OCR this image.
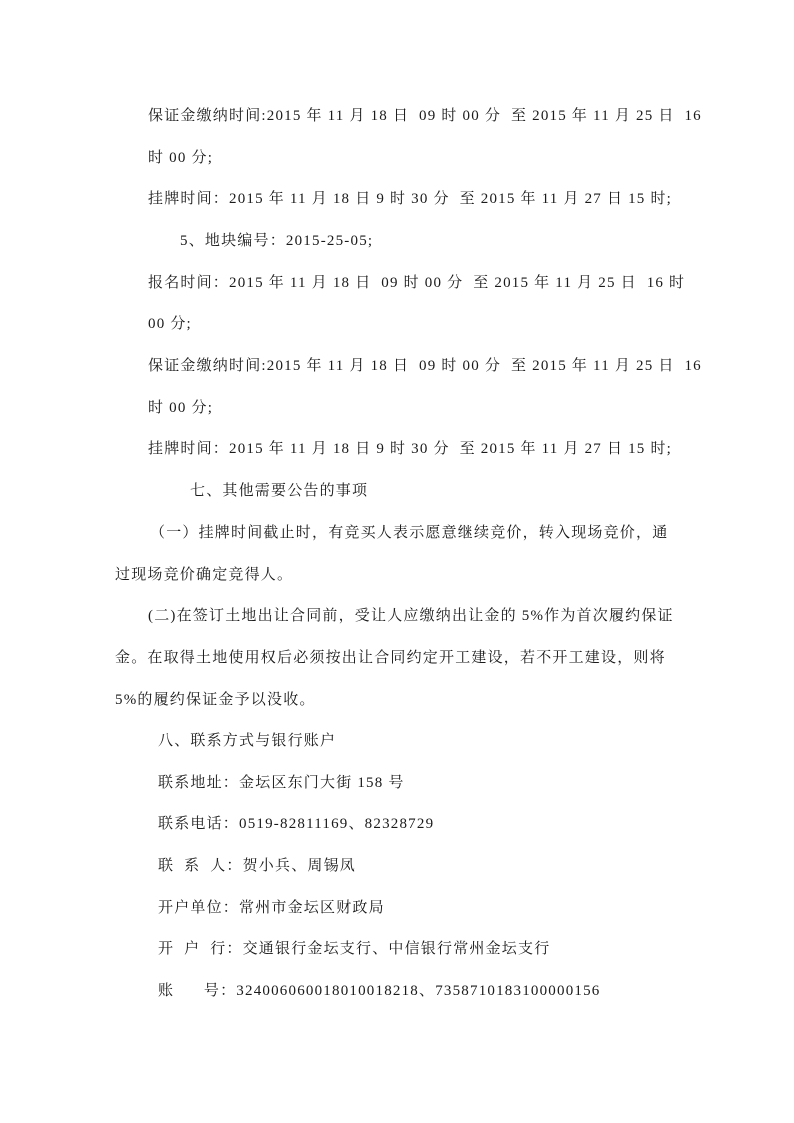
保证金缴纳时间:2015 年 11 月 18 日  09 时 00 分  至 2015 年 11 月 25 日  16
时 00 分;
挂牌时间：2015 年 11 月 18 日 9 时 30 分  至 2015 年 11 月 27 日 15 时;
5、地块编号：2015-25-05;
报名时间：2015 年 11 月 18 日  09 时 00 分  至 2015 年 11 月 25 日  16 时
00 分;
保证金缴纳时间:2015 年 11 月 18 日  09 时 00 分  至 2015 年 11 月 25 日  16
时 00 分;
挂牌时间：2015 年 11 月 18 日 9 时 30 分  至 2015 年 11 月 27 日 15 时;
七、其他需要公告的事项
（一）挂牌时间截止时，有竞买人表示愿意继续竞价，转入现场竞价，通
过现场竞价确定竞得人。
(二)在签订土地出让合同前，受让人应缴纳出让金的 5%作为首次履约保证
金。在取得土地使用权后必须按出让合同约定开工建设，若不开工建设，则将
5%的履约保证金予以没收。
八、联系方式与银行账户
联系地址：金坛区东门大街 158 号
联系电话：0519-82811169、82328729
联  系  人：贺小兵、周锡凤
开户单位：常州市金坛区财政局
开  户  行：交通银行金坛支行、中信银行常州金坛支行
账      号：324006060018010018218、7358710183100000156
